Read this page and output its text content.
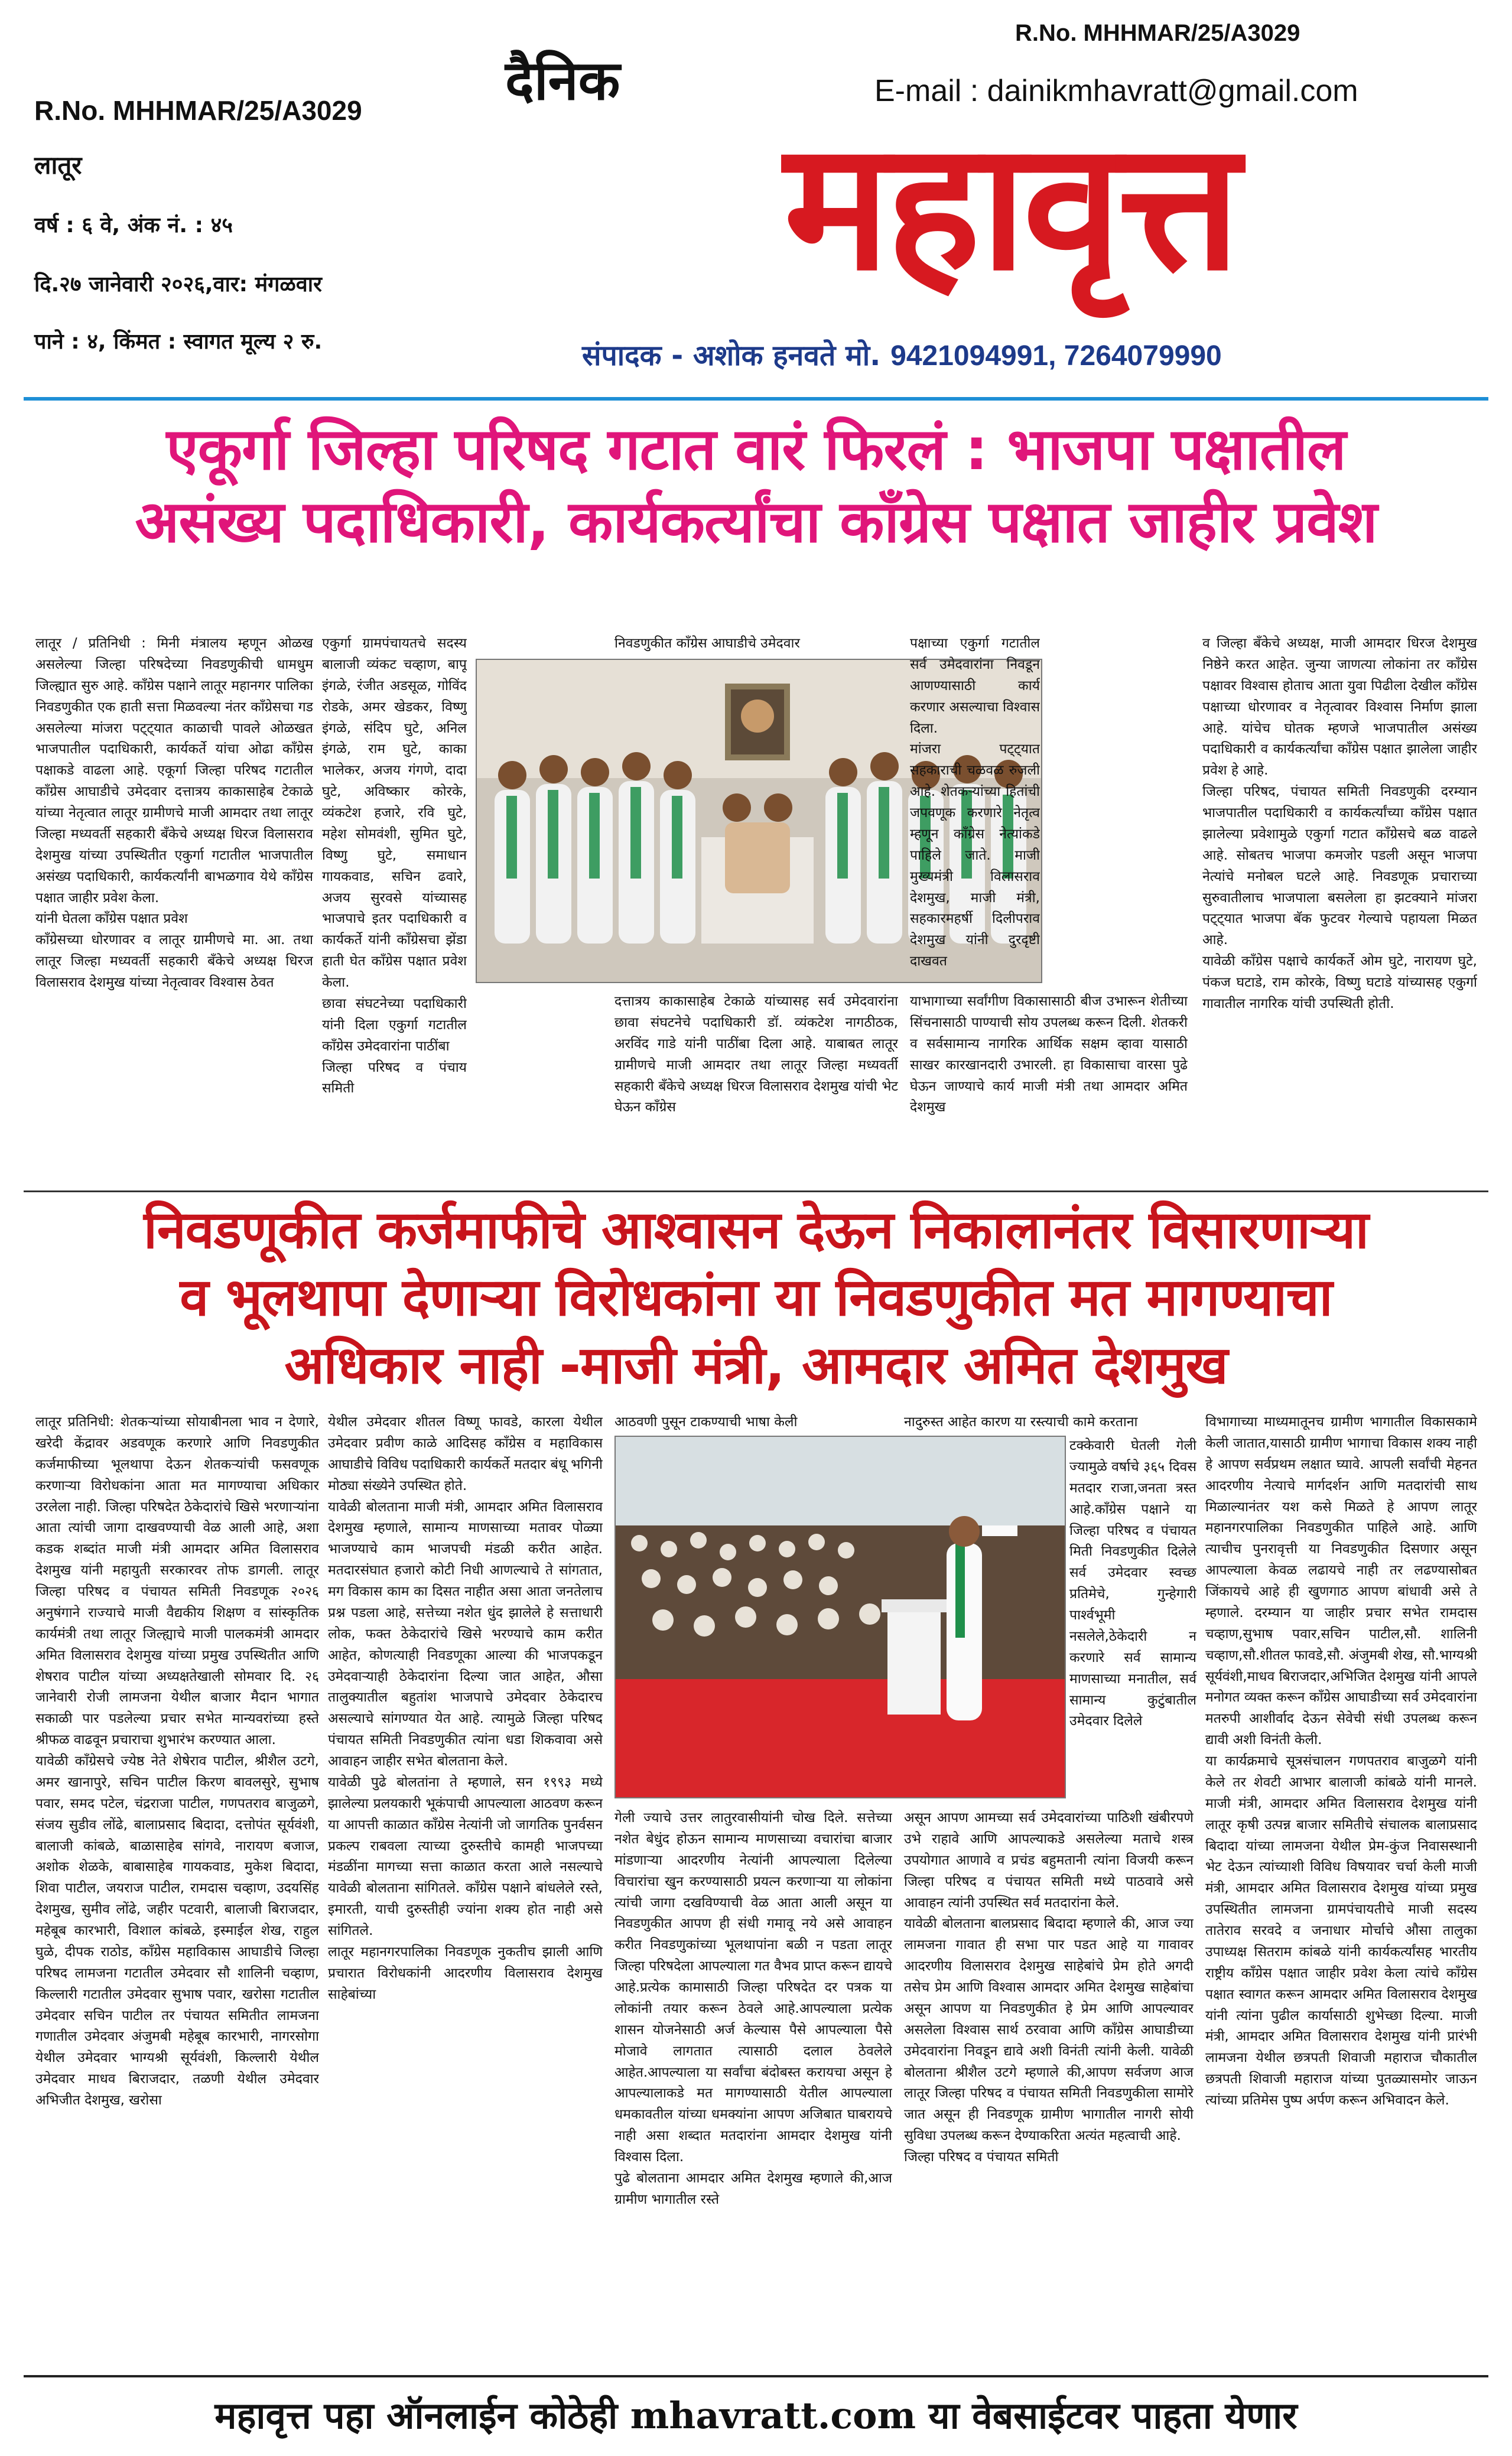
R.No. MHHMAR/25/A3029
R.No. MHHMAR/25/A3029
लातूर
वर्ष : ६ वे, अंक नं. : ४५
दि.२७ जानेवारी २०२६,वार: मंगळवार
पाने : ४, किंमत : स्वागत मूल्य २ रु.
दैनिक	E-mail : dainikmhavratt@gmail.com
महावृत्त
संपादक - अशोक हनवते मो. 9421094991, 7264079990
एकूर्गा जिल्हा परिषद गटात वारं फिरलं : भाजपा पक्षातील
असंख्य पदाधिकारी, कार्यकर्त्यांचा काँग्रेस पक्षात जाहीर प्रवेश
लातूर / प्रतिनिधी : मिनी मंत्रालय म्हणून ओळख असलेल्या जिल्हा परिषदेच्या निवडणुकीची धामधुम जिल्ह्यात सुरु आहे. काँग्रेस पक्षाने लातूर महानगर पालिका निवडणुकीत एक हाती सत्ता मिळवल्या नंतर काँग्रेसचा गड असलेल्या मांजरा पट्ट्यात काळाची पावले ओळखत भाजपातील पदाधिकारी, कार्यकर्ते यांचा ओढा काँग्रेस पक्षाकडे वाढला आहे. एकूर्गा जिल्हा परिषद गटातील काँग्रेस आघाडीचे उमेदवार दत्तात्रय काकासाहेब टेकाळे यांच्या नेतृत्वात लातूर ग्रामीणचे माजी आमदार तथा लातूर जिल्हा मध्यवर्ती सहकारी बँकेचे अध्यक्ष धिरज विलासराव देशमुख यांच्या उपस्थितीत एकुर्गा गटातील भाजपातील असंख्य पदाधिकारी, कार्यकर्त्यांनी बाभळगाव येथे काँग्रेस पक्षात जाहीर प्रवेश केला.
यांनी घेतला काँग्रेस पक्षात प्रवेश
काँग्रेसच्या धोरणावर व लातूर ग्रामीणचे मा. आ. तथा लातूर जिल्हा मध्यवर्ती सहकारी बँकेचे अध्यक्ष धिरज विलासराव देशमुख यांच्या नेतृत्वावर विश्वास ठेवत
एकुर्गा ग्रामपंचायतचे सदस्य बालाजी व्यंकट चव्हाण, बापू इंगळे, रंजीत अडसूळ, गोविंद रोडके, अमर खेडकर, विष्णु इंगळे, संदिप घुटे, अनिल इंगळे, राम घुटे, काका भालेकर, अजय गंगणे, दादा घुटे, अविष्कार कोरके, व्यंकटेश हजारे, रवि घुटे, महेश सोमवंशी, सुमित घुटे, विष्णु घुटे, समाधान गायकवाड, सचिन ढवारे, अजय सुरवसे यांच्यासह भाजपाचे इतर पदाधिकारी व कार्यकर्ते यांनी काँग्रेसचा झेंडा हाती घेत काँग्रेस पक्षात प्रवेश केला.
छावा संघटनेच्या पदाधिकारी यांनी दिला एकुर्गा गटातील काँग्रेस उमेदवारांना पाठींबा
जिल्हा परिषद व पंचाय समिती
निवडणुकीत काँग्रेस आघाडीचे उमेदवार
दत्तात्रय काकासाहेब टेकाळे यांच्यासह सर्व उमेदवारांना छावा संघटनेचे पदाधिकारी डॉ. व्यंकटेश नागठीठक, अरविंद गाडे यांनी पाठींबा दिला आहे. याबाबत लातूर ग्रामीणचे माजी आमदार तथा लातूर जिल्हा मध्यवर्ती सहकारी बँकेचे अध्यक्ष धिरज विलासराव देशमुख यांची भेट घेऊन काँग्रेस
पक्षाच्या एकुर्गा गटातील सर्व उमेदवारांना निवडून आणण्यासाठी कार्य करणार असल्याचा विश्वास दिला.
मांजरा पट्ट्यात सहकाराची चळवळ रुजली आहे. शेतकऱ्यांच्या हितांची जपवणूक करणारे नेतृत्व म्हणून काँग्रेस नेत्यांकडे पाहिले जाते. माजी मुख्यमंत्री विलासराव देशमुख, माजी मंत्री, सहकारमहर्षी दिलीपराव देशमुख यांनी दुरदृष्टी दाखवत
याभागाच्या सर्वांगीण विकासासाठी बीज उभारून शेतीच्या सिंचनासाठी पाण्याची सोय उपलब्ध करून दिली. शेतकरी व सर्वसामान्य नागरिक आर्थिक सक्षम व्हावा यासाठी साखर कारखानदारी उभारली. हा विकासाचा वारसा पुढे घेऊन जाण्याचे कार्य माजी मंत्री तथा आमदार अमित देशमुख
व जिल्हा बँकेचे अध्यक्ष, माजी आमदार धिरज देशमुख निष्ठेने करत आहेत. जुन्या जाणत्या लोकांना तर काँग्रेस पक्षावर विश्वास होताच आता युवा पिढीला देखील काँग्रेस पक्षाच्या धोरणावर व नेतृत्वावर विश्वास निर्माण झाला आहे. यांचेच घोतक म्हणजे भाजपातील असंख्य पदाधिकारी व कार्यकर्त्यांचा काँग्रेस पक्षात झालेला जाहीर प्रवेश हे आहे.
जिल्हा परिषद, पंचायत समिती निवडणुकी दरम्यान भाजपातील पदाधिकारी व कार्यकर्त्यांच्या काँग्रेस पक्षात झालेल्या प्रवेशामुळे एकुर्गा गटात काँग्रेसचे बळ वाढले आहे. सोबतच भाजपा कमजोर पडली असून भाजपा नेत्यांचे मनोबल घटले आहे. निवडणूक प्रचाराच्या सुरुवातीलाच भाजपाला बसलेला हा झटक्याने मांजरा पट्ट्यात भाजपा बॅक फुटवर गेल्याचे पहायला मिळत आहे.
यावेळी काँग्रेस पक्षाचे कार्यकर्ते ओम घुटे, नारायण घुटे, पंकज घटाडे, राम कोरके, विष्णु घटाडे यांच्यासह एकुर्गा गावातील नागरिक यांची उपस्थिती होती.
निवडणूकीत कर्जमाफीचे आश्वासन देऊन निकालानंतर विसारणाऱ्या
व भूलथापा देणाऱ्या विरोधकांना या निवडणुकीत मत मागण्याचा
अधिकार नाही -माजी मंत्री, आमदार अमित देशमुख
लातूर प्रतिनिधी: शेतकऱ्यांच्या सोयाबीनला भाव न देणारे, खरेदी केंद्रावर अडवणूक करणारे आणि निवडणुकीत कर्जमाफीच्या भूलथापा देऊन शेतकऱ्यांची फसवणूक करणाऱ्या विरोधकांना आता मत मागण्याचा अधिकार उरलेला नाही. जिल्हा परिषदेत ठेकेदारांचे खिसे भरणाऱ्यांना आता त्यांची जागा दाखवण्याची वेळ आली आहे, अशा कडक शब्दांत माजी मंत्री आमदार अमित विलासराव देशमुख यांनी महायुती सरकारवर तोफ डागली. लातूर जिल्हा परिषद व पंचायत समिती निवडणूक २०२६ अनुषंगाने राज्याचे माजी वैद्यकीय शिक्षण व सांस्कृतिक कार्यमंत्री तथा लातूर जिल्ह्याचे माजी पालकमंत्री आमदार अमित विलासराव देशमुख यांच्या प्रमुख उपस्थितीत आणि शेषराव पाटील यांच्या अध्यक्षतेखाली सोमवार दि. २६ जानेवारी रोजी लामजना येथील बाजार मैदान भागात सकाळी पार पडलेल्या प्रचार सभेत मान्यवरांच्या हस्ते श्रीफळ वाढवून प्रचाराचा शुभारंभ करण्यात आला.
यावेळी काँग्रेसचे ज्येष्ठ नेते शेषेराव पाटील, श्रीशैल उटगे, अमर खानापुरे, सचिन पाटील किरण बावलसुरे, सुभाष पवार, समद पटेल, चंद्रराजा पाटील, गणपतराव बाजुळगे, संजय सुडीव लोंढे, बालाप्रसाद बिदादा, दत्तोपंत सूर्यवंशी, बालाजी कांबळे, बाळासाहेब सांगवे, नारायण बजाज, अशोक शेळके, बाबासाहेब गायकवाड, मुकेश बिदादा, शिवा पाटील, जयराज पाटील, रामदास चव्हाण, उदयसिंह देशमुख, सुमीव लोंढे, जहीर पटवारी, बालाजी बिराजदार, महेबूब कारभारी, विशाल कांबळे, इस्माईल शेख, राहुल घुळे, दीपक राठोड, काँग्रेस महाविकास आघाडीचे जिल्हा परिषद लामजना गटातील उमेदवार सौ शालिनी चव्हाण, किल्लारी गटातील उमेदवार सुभाष पवार, खरोसा गटातील उमेदवार सचिन पाटील तर पंचायत समितीत लामजना गणातील उमेदवार अंजुमबी महेबूब कारभारी, नागरसोगा येथील उमेदवार भाग्यश्री सूर्यवंशी, किल्लारी येथील उमेदवार माधव बिराजदार, तळणी येथील उमेदवार अभिजीत देशमुख, खरोसा
येथील उमेदवार शीतल विष्णू फावडे, कारला येथील उमेदवार प्रवीण काळे आदिसह काँग्रेस व महाविकास आघाडीचे विविध पदाधिकारी कार्यकर्ते मतदार बंधू भगिनी मोठ्या संख्येने उपस्थित होते.
यावेळी बोलताना माजी मंत्री, आमदार अमित विलासराव देशमुख म्हणाले, सामान्य माणसाच्या मतावर पोळ्या भाजण्याचे काम भाजपची मंडळी करीत आहेत. मतदारसंघात हजारो कोटी निधी आणल्याचे ते सांगतात, मग विकास काम का दिसत नाहीत असा आता जनतेलाच प्रश्न पडला आहे, सत्तेच्या नशेत धुंद झालेले हे सत्ताधारी लोक, फक्त ठेकेदारांचे खिसे भरण्याचे काम करीत आहेत, कोणत्याही निवडणूका आल्या की भाजपकडून उमेदवाऱ्याही ठेकेदारांना दिल्या जात आहेत, औसा तालुक्यातील बहुतांश भाजपाचे उमेदवार ठेकेदारच असल्याचे सांगण्यात येत आहे. त्यामुळे जिल्हा परिषद पंचायत समिती निवडणुकीत त्यांना धडा शिकवावा असे आवाहन जाहीर सभेत बोलताना केले.
यावेळी पुढे बोलतांना ते म्हणाले, सन १९९३ मध्ये झालेल्या प्रलयकारी भूकंपाची आपल्याला आठवण करून या आपत्ती काळात काँग्रेस नेत्यांनी जो जागतिक पुनर्वसन प्रकल्प राबवला त्याच्या दुरुस्तीचे कामही भाजपच्या मंडळींना मागच्या सत्ता काळात करता आले नसल्याचे यावेळी बोलताना सांगितले. काँग्रेस पक्षाने बांधलेले रस्ते, इमारती, याची दुरुस्तीही ज्यांना शक्य होत नाही असे सांगितले.
लातूर महानगरपालिका निवडणूक नुकतीच झाली आणि प्रचारात विरोधकांनी आदरणीय विलासराव देशमुख साहेबांच्या
आठवणी पुसून टाकण्याची भाषा केली	नादुरुस्त आहेत कारण या रस्त्याची कामे करताना
टक्केवारी घेतली गेली ज्यामुळे वर्षाचे ३६५ दिवस मतदार राजा,जनता त्रस्त आहे.काँग्रेस पक्षाने या जिल्हा परिषद व पंचायत मिती निवडणुकीत दिलेले सर्व उमेदवार स्वच्छ प्रतिमेचे, गुन्हेगारी पार्श्वभूमी नसलेले,ठेकेदारी न करणारे सर्व सामान्य माणसाच्या मनातील, सर्व सामान्य कुटुंबातील उमेदवार दिलेले
गेली ज्याचे उत्तर लातुरवासीयांनी चोख दिले. सत्तेच्या नशेत बेधुंद होऊन सामान्य माणसाच्या वचारांचा बाजार मांडणाऱ्या आदरणीय नेत्यांनी आपल्याला दिलेल्या विचारांचा खुन करण्यासाठी प्रयत्न करणाऱ्या या लोकांना त्यांची जागा दखविण्याची वेळ आता आली असून या निवडणुकीत आपण ही संधी गमावू नये असे आवाहन करीत निवडणुकांच्या भूलथापांना बळी न पडता लातूर जिल्हा परिषदेला आपल्याला गत वैभव प्राप्त करून द्यायचे आहे.प्रत्येक कामासाठी जिल्हा परिषदेत दर पत्रक या लोकांनी तयार करून ठेवले आहे.आपल्याला प्रत्येक शासन योजनेसाठी अर्ज केल्यास पैसे आपल्याला पैसे मोजावे लागतात त्यासाठी दलाल ठेवलेले आहेत.आपल्याला या सर्वांचा बंदोबस्त करायचा असून हे आपल्यालाकडे मत मागण्यासाठी येतील आपल्याला धमकावतील यांच्या धमक्यांना आपण अजिबात घाबरायचे नाही असा शब्दात मतदारांना आमदार देशमुख यांनी विश्वास दिला.
पुढे बोलताना आमदार अमित देशमुख म्हणाले की,आज ग्रामीण भागातील रस्ते
असून आपण आमच्या सर्व उमेदवारांच्या पाठिशी खंबीरपणे उभे राहावे आणि आपल्याकडे असलेल्या मताचे शस्त्र उपयोगात आणावे व प्रचंड बहुमतानी त्यांना विजयी करून जिल्हा परिषद व पंचायत समिती मध्ये पाठवावे असे आवाहन त्यांनी उपस्थित सर्व मतदारांना केले.
यावेळी बोलताना बालप्रसाद बिदादा म्हणाले की, आज ज्या लामजना गावात ही सभा पार पडत आहे या गावावर आदरणीय विलासराव देशमुख साहेबांचे प्रेम होते अगदी तसेच प्रेम आणि विश्वास आमदार अमित देशमुख साहेबांचा असून आपण या निवडणुकीत हे प्रेम आणि आपल्यावर असलेला विश्वास सार्थ ठरवावा आणि काँग्रेस आघाडीच्या उमेदवारांना निवडून द्यावे अशी विनंती त्यांनी केली. यावेळी बोलताना श्रीशैल उटगे म्हणाले की,आपण सर्वजण आज लातूर जिल्हा परिषद व पंचायत समिती निवडणुकीला सामोरे जात असून ही निवडणूक ग्रामीण भागातील नागरी सोयी सुविधा उपलब्ध करून देण्याकरिता अत्यंत महत्वाची आहे.
जिल्हा परिषद व पंचायत समिती
विभागाच्या माध्यमातूनच ग्रामीण भागातील विकासकामे केली जातात,यासाठी ग्रामीण भागाचा विकास शक्य नाही हे आपण सर्वप्रथम लक्षात घ्यावे. आपली सर्वांची मेहनत आदरणीय नेत्याचे मार्गदर्शन आणि मतदारांची साथ मिळाल्यानंतर यश कसे मिळते हे आपण लातूर महानगरपालिका निवडणुकीत पाहिले आहे. आणि त्याचीच पुनरावृत्ती या निवडणुकीत दिसणार असून आपल्याला केवळ लढायचे नाही तर लढण्यासोबत जिंकायचे आहे ही खुणगाठ आपण बांधावी असे ते म्हणाले. दरम्यान या जाहीर प्रचार सभेत रामदास चव्हाण,सुभाष पवार,सचिन पाटील,सौ. शालिनी चव्हाण,सौ.शीतल फावडे,सौ. अंजुमबी शेख, सौ.भाग्यश्री सूर्यवंशी,माधव बिराजदार,अभिजित देशमुख यांनी आपले मनोगत व्यक्त करून काँग्रेस आघाडीच्या सर्व उमेदवारांना मतरुपी आशीर्वाद देऊन सेवेची संधी उपलब्ध करून द्यावी अशी विनंती केली.
या कार्यक्रमाचे सूत्रसंचालन गणपतराव बाजुळगे यांनी केले तर शेवटी आभार बालाजी कांबळे यांनी मानले. माजी मंत्री, आमदार अमित विलासराव देशमुख यांनी लातूर कृषी उत्पन्न बाजार समितीचे संचालक बालाप्रसाद बिदादा यांच्या लामजना येथील प्रेम-कुंज निवासस्थानी भेट देऊन त्यांच्याशी विविध विषयावर चर्चा केली माजी मंत्री, आमदार अमित विलासराव देशमुख यांच्या प्रमुख उपस्थितीत लामजना ग्रामपंचायतीचे माजी सदस्य तातेराव सरवदे व जनाधार मोर्चाचे औसा तालुका उपाध्यक्ष सितराम कांबळे यांनी कार्यकर्त्यांसह भारतीय राष्ट्रीय काँग्रेस पक्षात जाहीर प्रवेश केला त्यांचे काँग्रेस पक्षात स्वागत करून आमदार अमित विलासराव देशमुख यांनी त्यांना पुढील कार्यासाठी शुभेच्छा दिल्या. माजी मंत्री, आमदार अमित विलासराव देशमुख यांनी प्रारंभी लामजना येथील छत्रपती शिवाजी महाराज चौकातील छत्रपती शिवाजी महाराज यांच्या पुतळ्यासमोर जाऊन त्यांच्या प्रतिमेस पुष्प अर्पण करून अभिवादन केले.
महावृत्त पहा ऑनलाईन कोठेही mhavratt.com या वेबसाईटवर पाहता येणार
